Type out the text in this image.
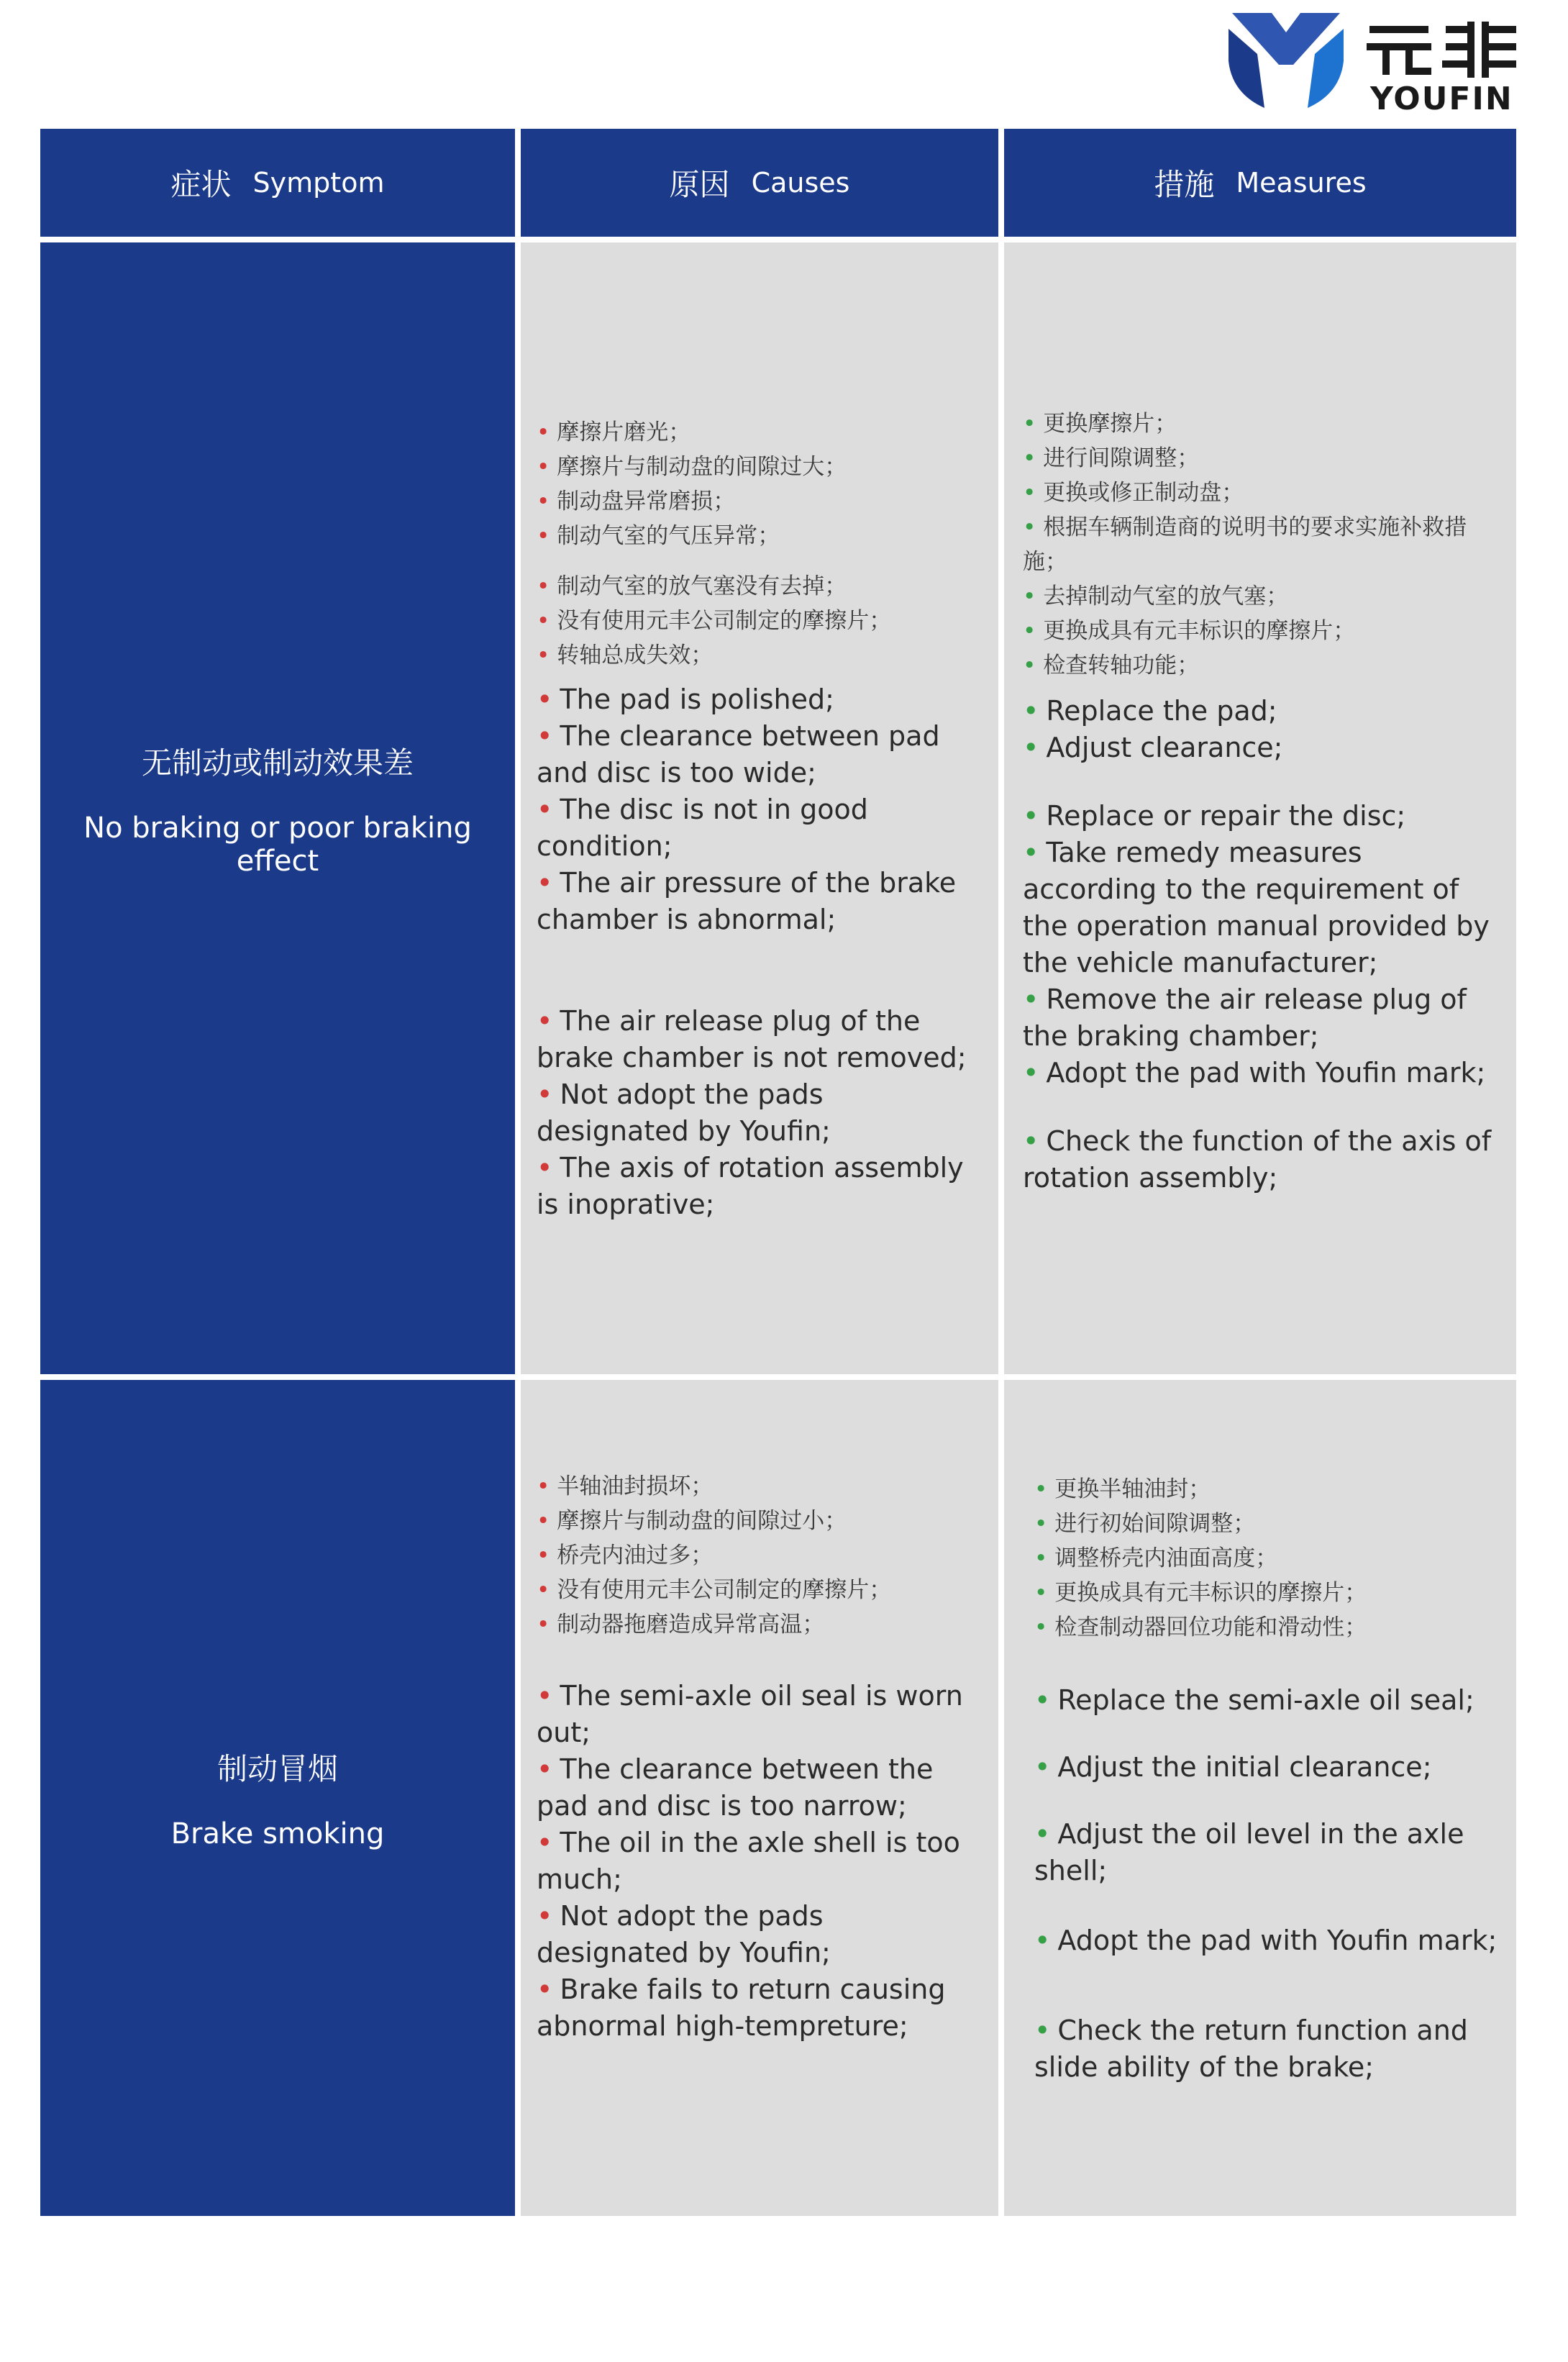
YOUFIN
症状 Symptom	原因 Causes	措施 Measures
无制动或制动效果差
No braking or poor braking effect
• 摩擦片磨光；
• 摩擦片与制动盘的间隙过大；
• 制动盘异常磨损；
• 制动气室的气压异常；
• 制动气室的放气塞没有去掉；
• 没有使用元丰公司制定的摩擦片；
• 转轴总成失效；
• The pad is polished;
• The clearance between pad and disc is too wide;
• The disc is not in good condition;
• The air pressure of the brake chamber is abnormal;
• The air release plug of the brake chamber is not removed;
• Not adopt the pads designated by Youfin;
• The axis of rotation assembly is inoprative;
• 更换摩擦片；
• 进行间隙调整；
• 更换或修正制动盘；
• 根据车辆制造商的说明书的要求实施补救措施；
• 去掉制动气室的放气塞；
• 更换成具有元丰标识的摩擦片；
• 检查转轴功能；
• Replace the pad;
• Adjust clearance;
• Replace or repair the disc;
• Take remedy measures according to the requirement of the operation manual provided by the vehicle manufacturer;
• Remove the air release plug of the braking chamber;
• Adopt the pad with Youfin mark;
• Check the function of the axis of rotation assembly;
制动冒烟
Brake smoking
• 半轴油封损坏；
• 摩擦片与制动盘的间隙过小；
• 桥壳内油过多；
• 没有使用元丰公司制定的摩擦片；
• 制动器拖磨造成异常高温；
• The semi-axle oil seal is worn out;
• The clearance between the pad and disc is too narrow;
• The oil in the axle shell is too much;
• Not adopt the pads designated by Youfin;
• Brake fails to return causing abnormal high-tempreture;
• 更换半轴油封；
• 进行初始间隙调整；
• 调整桥壳内油面高度；
• 更换成具有元丰标识的摩擦片；
• 检查制动器回位功能和滑动性；
• Replace the semi-axle oil seal;
• Adjust the initial clearance;
• Adjust the oil level in the axle shell;
• Adopt the pad with Youfin mark;
• Check the return function and slide ability of the brake;
